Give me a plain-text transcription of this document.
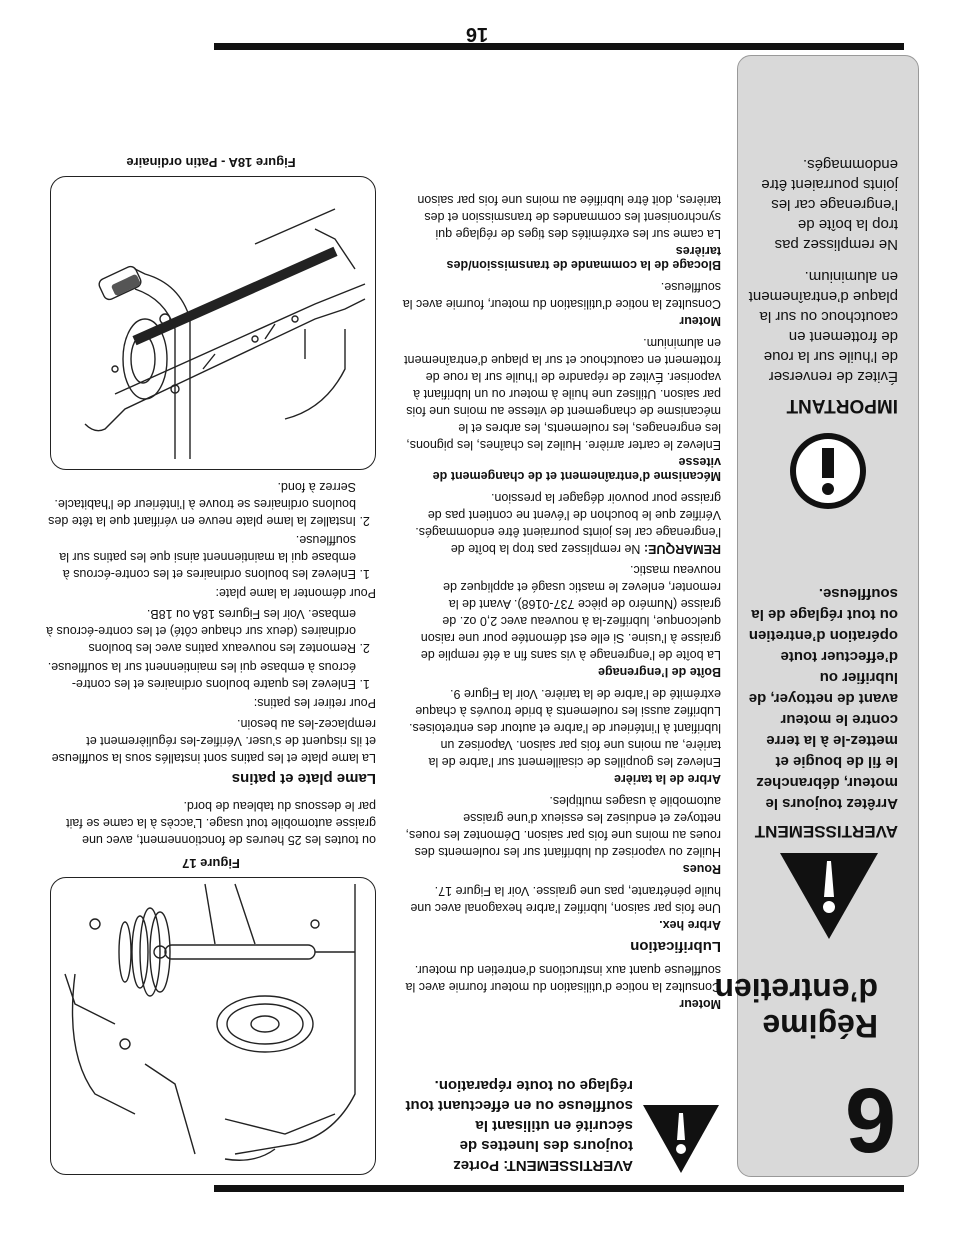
16
6
Régime
d’entretien
AVERTISSEMENT
Arrêtez toujours le moteur, débranchez le fil de bougie et mettez-le à la terre contre le moteur avant de nettoyer, de lubrifier ou d’effectuer toute opération d’entretien ou tout réglage de la souffleuse.
IMPORTANT

Évitez de renverser de l’huile sur la roue de frottement en caoutchouc ou sur la plaque d’entraînement en aluminium.

Ne remplissez pas trop la boîte de l’engrenage car les joints pourraient être endommagés.

AVERTISSEMENT: Portez toujours des lunettes de sécurité en utilisant la souffleuse ou en effectuant tout réglage ou toute réparation.
Moteur

Consultez la notice d’utilisation du moteur fournie avec la souffleuse quant aux instructions d’entretien du moteur.

Lubrification
Arbre hex.

Une fois par saison, lubrifiez l’arbre hexagonal avec une huile pénétrante, pas une graisse. Voir la Figure 17.

Roues

Huilez ou vaporisez du lubrifiant sur les roulements des roues au moins une fois par saison. Démontez les roues, nettoyez et enduisez les essieux d’une graisse automobile à usages multiples.

Arbre de la tarière

Enlevez les goupilles de cisaillement sur l’arbre de la tarière, au moins une fois par saison. Vaporisez un lubrifiant à l’intérieur de l’arbre et autour des entretoises. Lubrifiez aussi les roulements à bride trouvés à chaque extrémité de l’arbre de la tarière. Voir la Figure 9.

Boîte de l’engrenage

La boîte de l’engrenage à vis sans fin a été remplie de graisse à l’usine. Si elle est démontée pour une raison quelconque, lubrifiez-la à nouveau avec 2,0 oz. de graisse (Numéro de pièce 737-0168). Avant de la remonter, enlevez le mastic usagé et appliquez de nouveau mastic.

REMARQUE: Ne remplissez pas trop la boîte de l’engrenage car les joints pourraient être endommagés. Vérifiez que le bouchon de l’évent ne contient pas de graisse pour pouvoir dégager la pression.

Mécanisme d’entraînement et de changement de vitesse

Enlevez le carter arrière. Huilez les chaînes, les pignons, les engrenages, les roulements, les arbres et le mécanisme de changement de vitesse au moins une fois par saison. Utilisez une huile à moteur ou un lubrifiant à vaporiser. Évitez de répandre de l’huile sur la roue de frottement en caoutchouc et sur la plaque d’entraînement en aluminium.

Moteur

Consultez la notice d’utilisation du moteur, fournie avec la souffleuse.

Blocage de la commande de transmission/des tarières

La came sur les extrémités des tiges de réglage qui synchronisent les commandes de transmission et des tarières, doit être lubrifiée au moins une fois par saison

Figure 17

ou toutes les 25 heures de fonctionnement, avec une graisse automobile tout usage. L’accès à la came se fait par le dessous du tableau de bord.

Lame plate et patins

La lame plate et les patins sont installés sous la souffleuse et ils risquent de s’user. Vérifiez-les régulièrement et remplacez-les au besoin.

Pour retirer les patins:

1. Enlevez les quatre boulons ordinaires et les contre-écrous à embase qui les maintiennent sur la souffleuse.
2. Remontez les nouveaux patins avec les boulons ordinaires (deux sur chaque côté) et les contre-écrous à embase. Voir les Figures 18A ou 18B.

Pour démonter la lame plate:

1. Enlevez les boulons ordinaires et les contre-écrous à embase qui la maintiennent ainsi que les patins sur la souffleuse.
2. Installez la lame plate neuve en vérifiant que la tête des boulons ordinaires se trouve à l’intérieur de l’habitacle. Serrez à fond.
Figure 18A - Patin ordinaire
